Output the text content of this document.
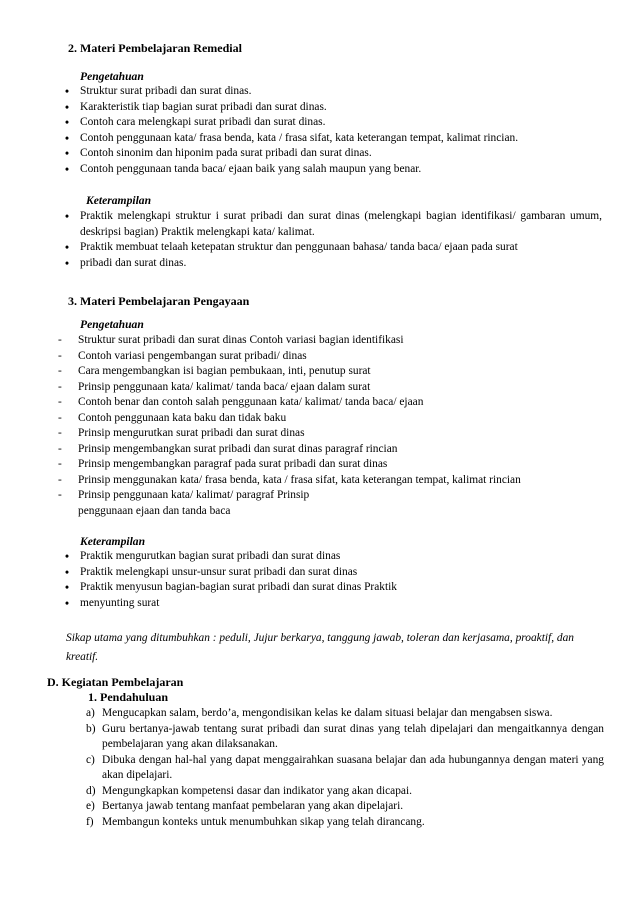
2. Materi Pembelajaran Remedial
Pengetahuan
• Struktur surat pribadi dan surat dinas.
• Karakteristik tiap bagian surat pribadi dan surat dinas.
• Contoh cara melengkapi surat pribadi dan surat dinas.
• Contoh penggunaan kata/ frasa benda, kata / frasa sifat, kata keterangan tempat, kalimat rincian.
• Contoh sinonim dan hiponim pada surat pribadi dan surat dinas.
• Contoh penggunaan tanda baca/ ejaan baik yang salah maupun yang benar.
Keterampilan
• Praktik melengkapi struktur i surat pribadi dan surat dinas (melengkapi bagian identifikasi/ gambaran umum, deskripsi bagian) Praktik melengkapi kata/ kalimat.
• Praktik membuat telaah ketepatan struktur dan penggunaan bahasa/ tanda baca/ ejaan pada surat
• pribadi dan surat dinas.
3. Materi Pembelajaran Pengayaan
Pengetahuan
- Struktur surat pribadi dan surat dinas Contoh variasi bagian identifikasi
- Contoh variasi pengembangan surat pribadi/ dinas
- Cara mengembangkan isi bagian pembukaan, inti, penutup surat
- Prinsip penggunaan kata/ kalimat/ tanda baca/ ejaan dalam surat
- Contoh benar dan contoh salah penggunaan kata/ kalimat/ tanda baca/ ejaan
- Contoh penggunaan kata baku dan tidak baku
- Prinsip mengurutkan surat pribadi dan surat dinas
- Prinsip mengembangkan surat pribadi dan surat dinas paragraf rincian
- Prinsip mengembangkan paragraf pada surat pribadi dan surat dinas
- Prinsip menggunakan kata/ frasa benda, kata / frasa sifat, kata keterangan tempat, kalimat rincian
- Prinsip penggunaan kata/ kalimat/ paragraf Prinsip
penggunaan ejaan dan tanda baca
Keterampilan
• Praktik mengurutkan bagian surat pribadi dan surat dinas
• Praktik melengkapi unsur-unsur surat pribadi dan surat dinas
• Praktik menyusun bagian-bagian surat pribadi dan surat dinas Praktik
• menyunting surat
Sikap utama yang ditumbuhkan : peduli, Jujur berkarya, tanggung jawab, toleran dan kerjasama, proaktif, dan kreatif.
D. Kegiatan Pembelajaran
1. Pendahuluan
a) Mengucapkan salam, berdo’a, mengondisikan kelas ke dalam situasi belajar dan mengabsen siswa.
b) Guru bertanya-jawab tentang surat pribadi dan surat dinas yang telah dipelajari dan mengaitkannya dengan pembelajaran yang akan dilaksanakan.
c) Dibuka dengan hal-hal yang dapat menggairahkan suasana belajar dan ada hubungannya dengan materi yang akan dipelajari.
d) Mengungkapkan kompetensi dasar dan indikator yang akan dicapai.
e) Bertanya jawab tentang manfaat pembelaran yang akan dipelajari.
f) Membangun konteks untuk menumbuhkan sikap yang telah dirancang.
